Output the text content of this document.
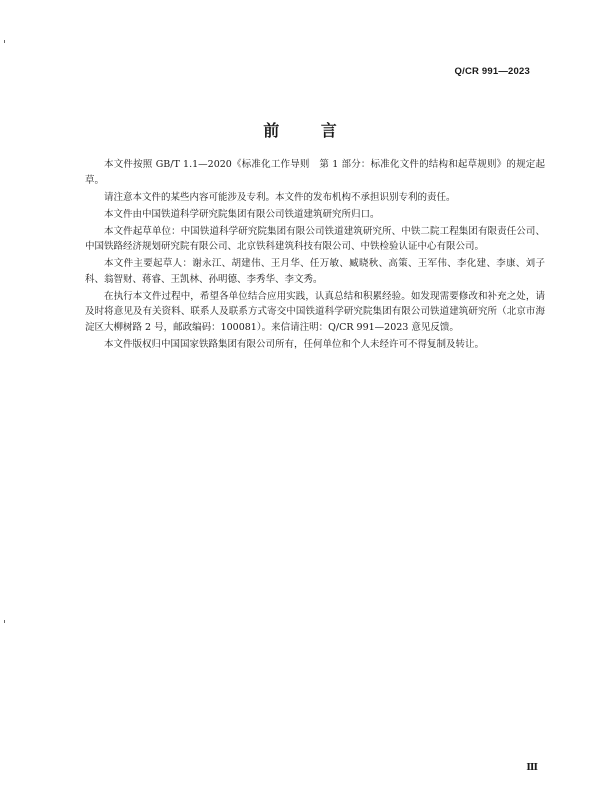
Q/CR 991—2023
前 言

本文件按照 GB/T 1.1—2020《标准化工作导则　第 1 部分：标准化文件的结构和起草规则》的规定起草。

请注意本文件的某些内容可能涉及专利。本文件的发布机构不承担识别专利的责任。

本文件由中国铁道科学研究院集团有限公司铁道建筑研究所归口。

本文件起草单位：中国铁道科学研究院集团有限公司铁道建筑研究所、中铁二院工程集团有限责任公司、中国铁路经济规划研究院有限公司、北京铁科建筑科技有限公司、中铁检验认证中心有限公司。

本文件主要起草人：谢永江、胡建伟、王月华、任万敏、臧晓秋、高策、王军伟、李化建、李康、刘子科、翁智财、蒋睿、王凯林、孙明德、李秀华、李文秀。

在执行本文件过程中，希望各单位结合应用实践，认真总结和积累经验。如发现需要修改和补充之处，请及时将意见及有关资料、联系人及联系方式寄交中国铁道科学研究院集团有限公司铁道建筑研究所（北京市海淀区大柳树路 2 号，邮政编码：100081）。来信请注明：Q/CR 991—2023 意见反馈。

本文件版权归中国国家铁路集团有限公司所有，任何单位和个人未经许可不得复制及转让。

Ⅲ
